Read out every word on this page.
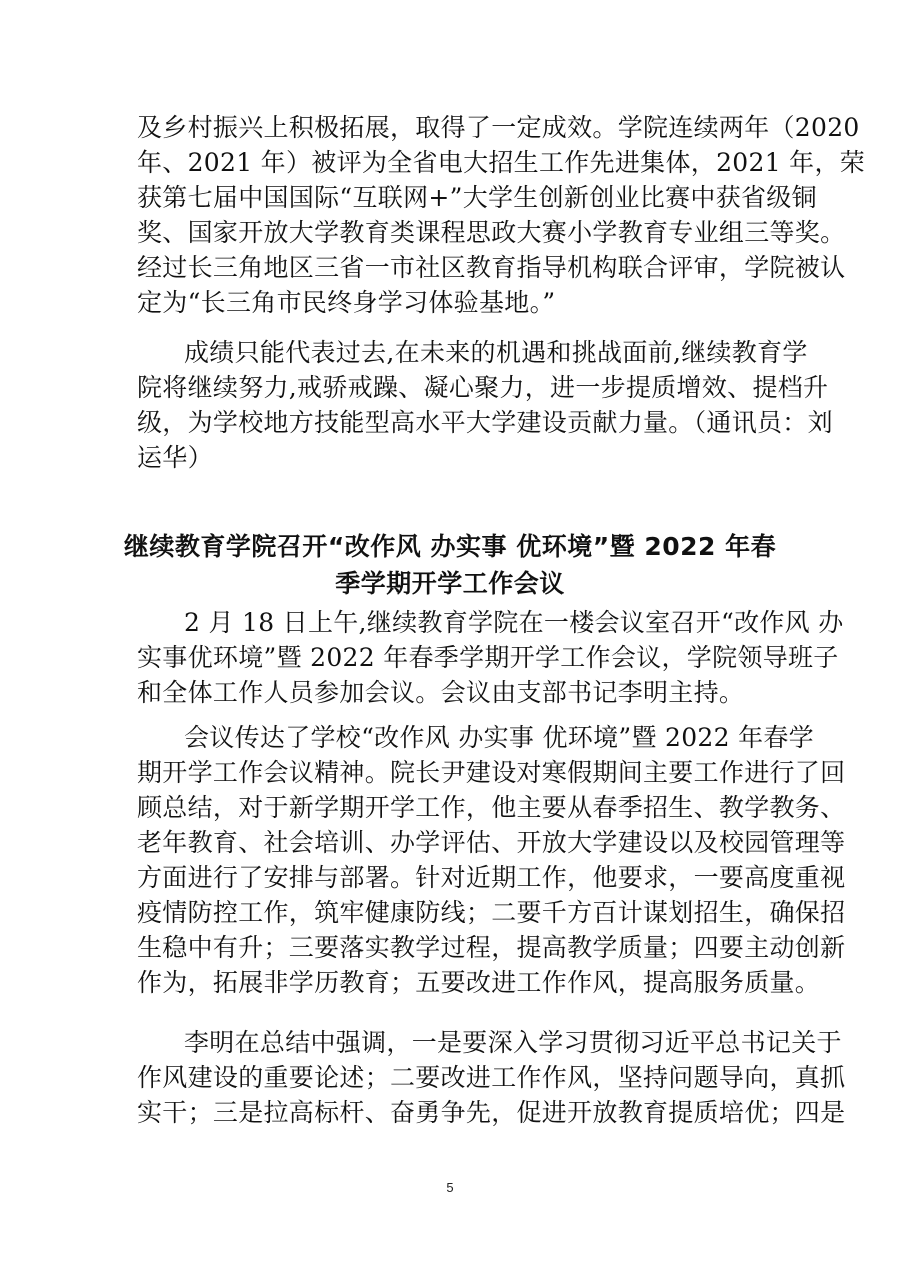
及乡村振兴上积极拓展，取得了一定成效。学院连续两年（2020
年、2021 年）被评为全省电大招生工作先进集体，2021 年，荣
获第七届中国国际“互联网+”大学生创新创业比赛中获省级铜
奖、国家开放大学教育类课程思政大赛小学教育专业组三等奖。
经过长三角地区三省一市社区教育指导机构联合评审，学院被认
定为“长三角市民终身学习体验基地。”
成绩只能代表过去,在未来的机遇和挑战面前,继续教育学
院将继续努力,戒骄戒躁、凝心聚力，进一步提质增效、提档升
级，为学校地方技能型高水平大学建设贡献力量。（通讯员：刘
运华）
继续教育学院召开“改作风 办实事 优环境”暨 2022 年春
季学期开学工作会议
2 月 18 日上午,继续教育学院在一楼会议室召开“改作风 办
实事优环境”暨 2022 年春季学期开学工作会议，学院领导班子
和全体工作人员参加会议。会议由支部书记李明主持。
会议传达了学校“改作风 办实事 优环境”暨 2022 年春学
期开学工作会议精神。院长尹建设对寒假期间主要工作进行了回
顾总结，对于新学期开学工作，他主要从春季招生、教学教务、
老年教育、社会培训、办学评估、开放大学建设以及校园管理等
方面进行了安排与部署。针对近期工作，他要求，一要高度重视
疫情防控工作，筑牢健康防线；二要千方百计谋划招生，确保招
生稳中有升；三要落实教学过程，提高教学质量；四要主动创新
作为，拓展非学历教育；五要改进工作作风，提高服务质量。
李明在总结中强调，一是要深入学习贯彻习近平总书记关于
作风建设的重要论述；二要改进工作作风，坚持问题导向，真抓
实干；三是拉高标杆、奋勇争先，促进开放教育提质培优；四是
5
